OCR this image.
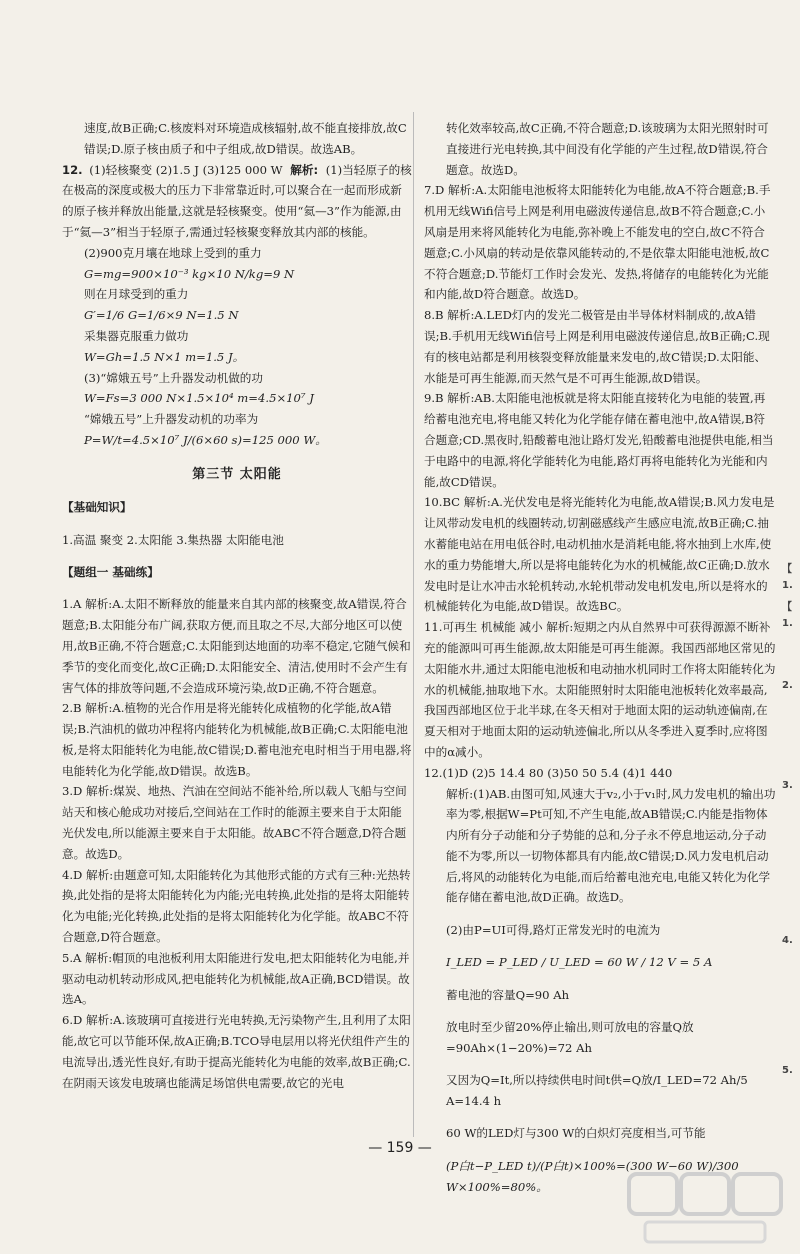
速度,故B正确;C.核废料对环境造成核辐射,故不能直接排放,故C错误;D.原子核由质子和中子组成,故D错误。故选AB。

12. (1)轻核聚变 (2)1.5 J (3)125 000 W 解析: (1)当轻原子的核在极高的深度或极大的压力下非常靠近时,可以聚合在一起而形成新的原子核并释放出能量,这就是轻核聚变。使用“氦—3”作为能源,由于“氦—3”相当于轻原子,需通过轻核聚变释放其内部的核能。

(2)900克月壤在地球上受到的重力

G=mg=900×10⁻³ kg×10 N/kg=9 N

则在月球受到的重力

G′=1/6 G=1/6×9 N=1.5 N

采集器克服重力做功

W=Gh=1.5 N×1 m=1.5 J。

(3)“嫦娥五号”上升器发动机做的功

W=Fs=3 000 N×1.5×10⁴ m=4.5×10⁷ J

“嫦娥五号”上升器发动机的功率为

P=W/t=4.5×10⁷ J/(6×60 s)=125 000 W。

第三节 太阳能

【基础知识】

1.高温 聚变 2.太阳能 3.集热器 太阳能电池

【题组一 基础练】

1.A 解析:A.太阳不断释放的能量来自其内部的核聚变,故A错误,符合题意;B.太阳能分布广阔,获取方便,而且取之不尽,大部分地区可以使用,故B正确,不符合题意;C.太阳能到达地面的功率不稳定,它随气候和季节的变化而变化,故C正确;D.太阳能安全、清洁,使用时不会产生有害气体的排放等问题,不会造成环境污染,故D正确,不符合题意。

2.B 解析:A.植物的光合作用是将光能转化成植物的化学能,故A错误;B.汽油机的做功冲程将内能转化为机械能,故B正确;C.太阳能电池板,是将太阳能转化为电能,故C错误;D.蓄电池充电时相当于用电器,将电能转化为化学能,故D错误。故选B。

3.D 解析:煤炭、地热、汽油在空间站不能补给,所以载人飞船与空间站天和核心舱成功对接后,空间站在工作时的能源主要来自于太阳能光伏发电,所以能源主要来自于太阳能。故ABC不符合题意,D符合题意。故选D。

4.D 解析:由题意可知,太阳能转化为其他形式能的方式有三种:光热转换,此处指的是将太阳能转化为内能;光电转换,此处指的是将太阳能转化为电能;光化转换,此处指的是将太阳能转化为化学能。故ABC不符合题意,D符合题意。

5.A 解析:帽顶的电池板利用太阳能进行发电,把太阳能转化为电能,并驱动电动机转动形成风,把电能转化为机械能,故A正确,BCD错误。故选A。

6.D 解析:A.该玻璃可直接进行光电转换,无污染物产生,且利用了太阳能,故它可以节能环保,故A正确;B.TCO导电层用以将光伏组件产生的电流导出,透光性良好,有助于提高光能转化为电能的效率,故B正确;C.在阴雨天该发电玻璃也能满足场馆供电需要,故它的光电

转化效率较高,故C正确,不符合题意;D.该玻璃为太阳光照射时可直接进行光电转换,其中间没有化学能的产生过程,故D错误,符合题意。故选D。

7.D 解析:A.太阳能电池板将太阳能转化为电能,故A不符合题意;B.手机用无线Wifi信号上网是利用电磁波传递信息,故B不符合题意;C.小风扇是用来将风能转化为电能,弥补晚上不能发电的空白,故C不符合题意;C.小风扇的转动是依靠风能转动的,不是依靠太阳能电池板,故C不符合题意;D.节能灯工作时会发光、发热,将储存的电能转化为光能和内能,故D符合题意。故选D。

8.B 解析:A.LED灯内的发光二极管是由半导体材料制成的,故A错误;B.手机用无线Wifi信号上网是利用电磁波传递信息,故B正确;C.现有的核电站都是利用核裂变释放能量来发电的,故C错误;D.太阳能、水能是可再生能源,而天然气是不可再生能源,故D错误。

9.B 解析:AB.太阳能电池板就是将太阳能直接转化为电能的装置,再给蓄电池充电,将电能又转化为化学能存储在蓄电池中,故A错误,B符合题意;CD.黑夜时,铅酸蓄电池让路灯发光,铅酸蓄电池提供电能,相当于电路中的电源,将化学能转化为电能,路灯再将电能转化为光能和内能,故CD错误。

10.BC 解析:A.光伏发电是将光能转化为电能,故A错误;B.风力发电是让风带动发电机的线圈转动,切割磁感线产生感应电流,故B正确;C.抽水蓄能电站在用电低谷时,电动机抽水是消耗电能,将水抽到上水库,使水的重力势能增大,所以是将电能转化为水的机械能,故C正确;D.放水发电时是让水冲击水轮机转动,水轮机带动发电机发电,所以是将水的机械能转化为电能,故D错误。故选BC。

11.可再生 机械能 减小 解析:短期之内从自然界中可获得源源不断补充的能源叫可再生能源,故太阳能是可再生能源。我国西部地区常见的太阳能水井,通过太阳能电池板和电动抽水机同时工作将太阳能转化为水的机械能,抽取地下水。太阳能照射时太阳能电池板转化效率最高,我国西部地区位于北半球,在冬天相对于地面太阳的运动轨迹偏南,在夏天相对于地面太阳的运动轨迹偏北,所以从冬季进入夏季时,应将图中的α减小。

12.(1)D (2)5 14.4 80 (3)50 50 5.4 (4)1 440

解析:(1)AB.由图可知,风速大于v₂,小于v₁时,风力发电机的输出功率为零,根据W=Pt可知,不产生电能,故AB错误;C.内能是指物体内所有分子动能和分子势能的总和,分子永不停息地运动,分子动能不为零,所以一切物体都具有内能,故C错误;D.风力发电机启动后,将风的动能转化为电能,而后给蓄电池充电,电能又转化为化学能存储在蓄电池,故D正确。故选D。

(2)由P=UI可得,路灯正常发光时的电流为

I_LED = P_LED / U_LED = 60 W / 12 V = 5 A

蓄电池的容量Q=90 Ah

放电时至少留20%停止输出,则可放电的容量Q放=90Ah×(1−20%)=72 Ah

又因为Q=It,所以持续供电时间t供=Q放/I_LED=72 Ah/5 A=14.4 h

60 W的LED灯与300 W的白炽灯亮度相当,可节能

(P白t−P_LED t)/(P白t)×100%=(300 W−60 W)/300 W×100%=80%。

【
1.
【
1.
2.
3.
4.
5.
— 159 —
